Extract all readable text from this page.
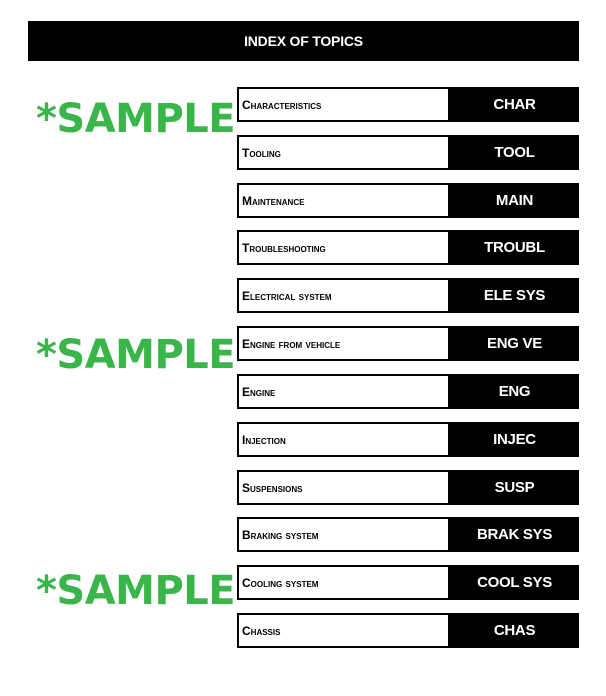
INDEX OF TOPICS
*SAMPLE
*SAMPLE
*SAMPLE
Characteristics	CHAR
Tooling	TOOL
Maintenance	MAIN
Troubleshooting	TROUBL
Electrical system	ELE SYS
Engine from vehicle	ENG VE
Engine	ENG
Injection	INJEC
Suspensions	SUSP
Braking system	BRAK SYS
Cooling system	COOL SYS
Chassis	CHAS
